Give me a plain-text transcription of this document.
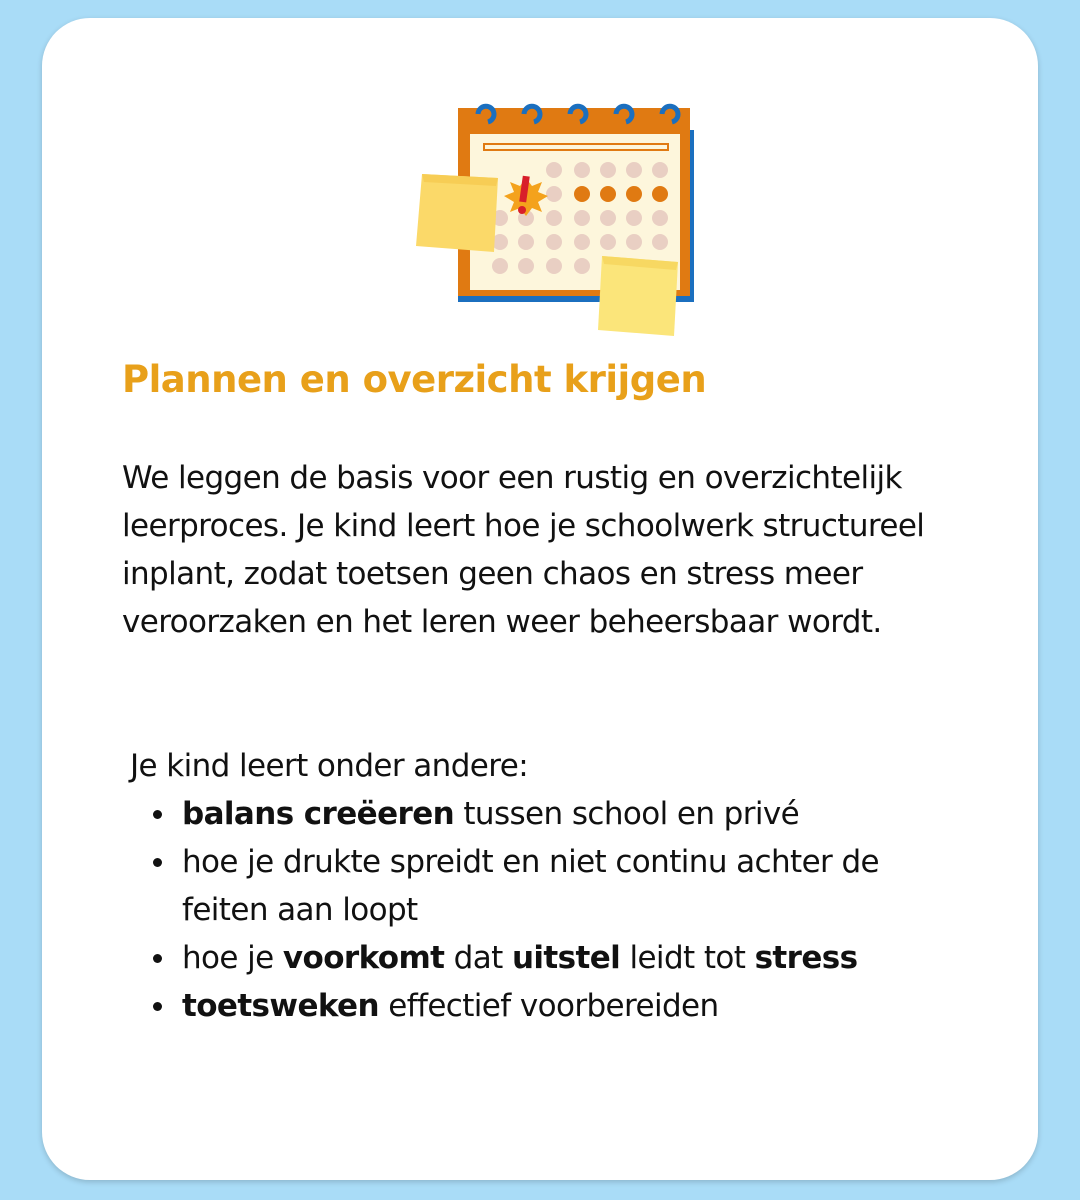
Plannen en overzicht krijgen

We leggen de basis voor een rustig en overzichtelijk leerproces. Je kind leert hoe je schoolwerk structureel inplant, zodat toetsen geen chaos en stress meer veroorzaken en het leren weer beheersbaar wordt.

Je kind leert onder andere:

balans creëeren tussen school en privé
hoe je drukte spreidt en niet continu achter de feiten aan loopt
hoe je voorkomt dat uitstel leidt tot stress
toetsweken effectief voorbereiden
